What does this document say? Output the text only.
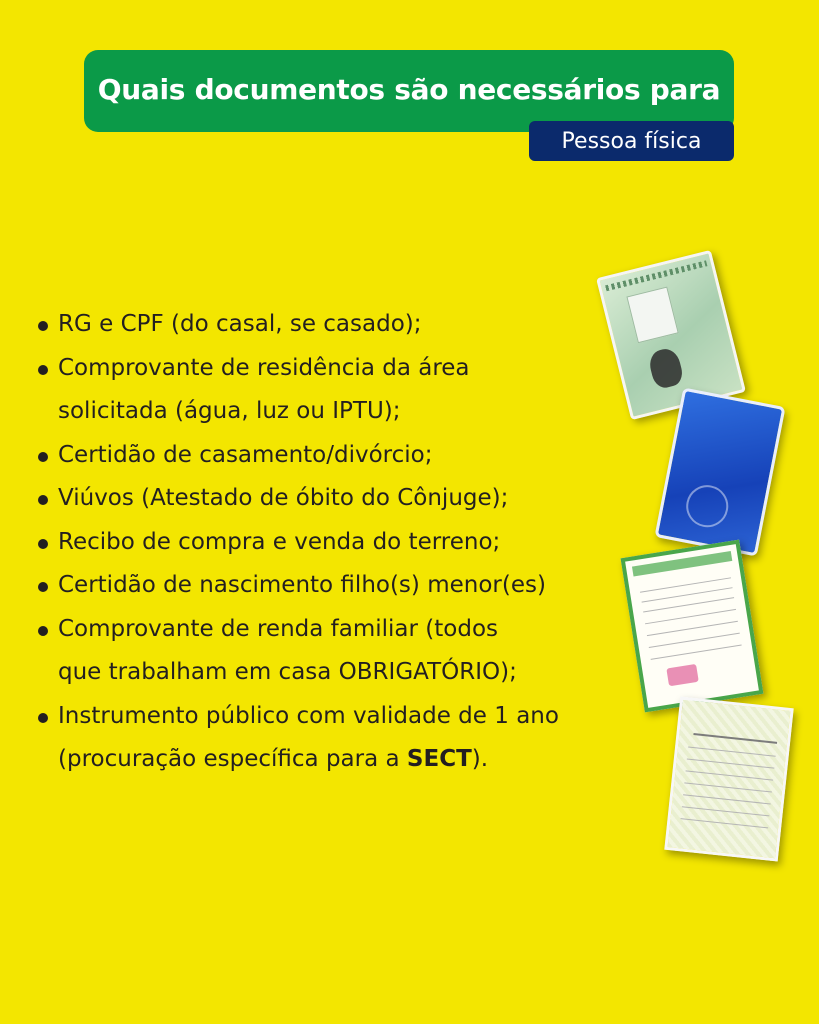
Quais documentos são necessários para
Pessoa física
RG e CPF (do casal, se casado);
Comprovante de residência da área
solicitada (água, luz ou IPTU);
Certidão de casamento/divórcio;
Viúvos (Atestado de óbito do Cônjuge);
Recibo de compra e venda do terreno;
Certidão de nascimento filho(s) menor(es)
Comprovante de renda familiar (todos
que trabalham em casa OBRIGATÓRIO);
Instrumento público com validade de 1 ano
(procuração específica para a SECT).
